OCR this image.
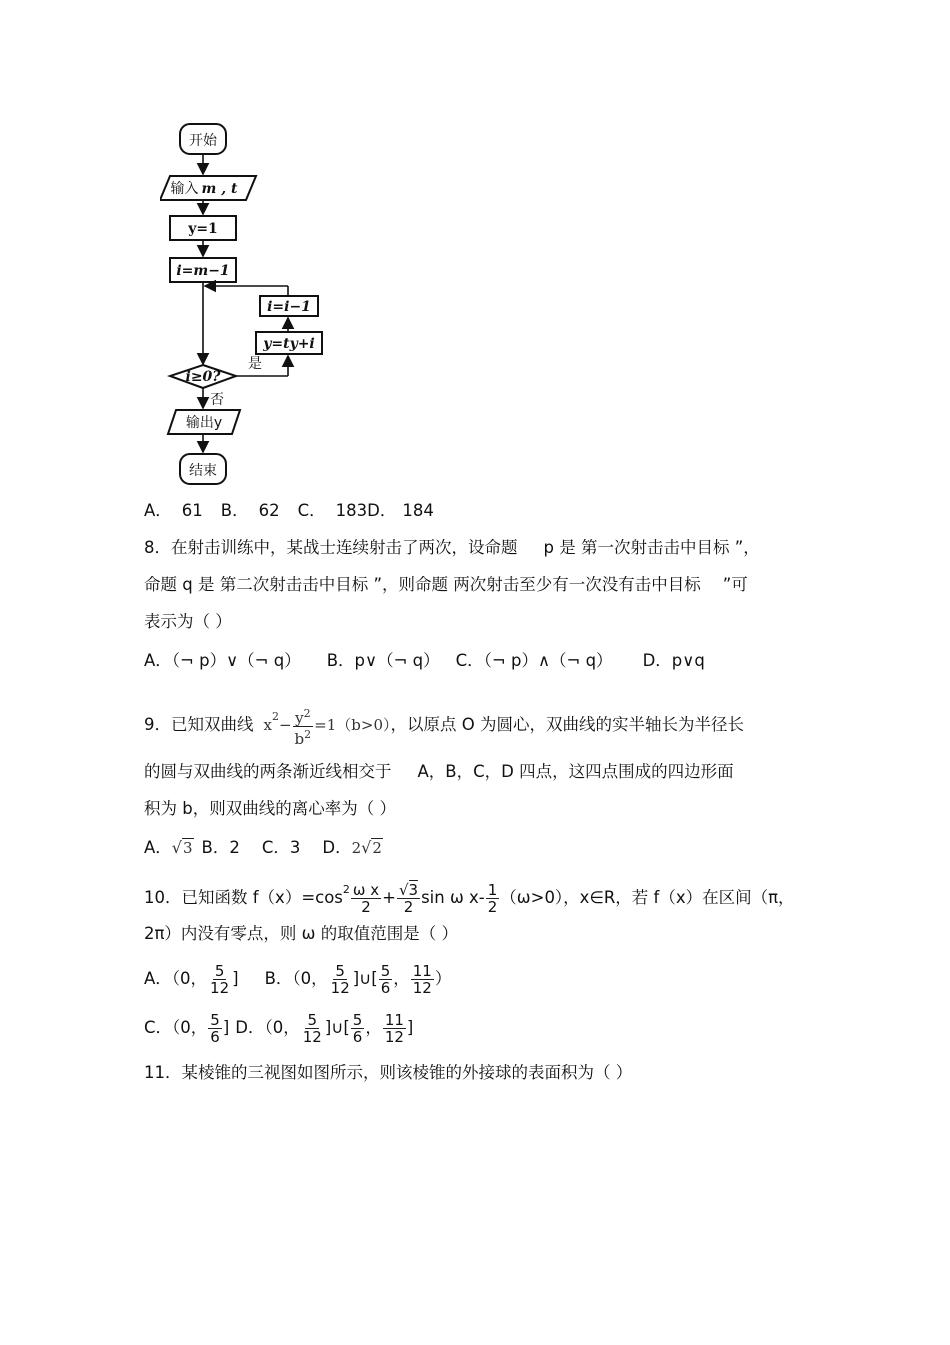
开始
输入 m , t
y=1
i=m−1
i≥0?
是
y=ty+i
i=i−1
否
输出y
结束
A． 61 B． 62 C． 183D． 184
8．在射击训练中，某战士连续射击了两次，设命题 p 是 第一次射击击中目标 ”，
命题 q 是 第二次射击击中目标 ”，则命题 两次射击至少有一次没有击中目标 ”可
表示为（ ）
A．（¬ p）∨（¬ q） B．p∨（¬ q） C．（¬ p）∧（¬ q） D．p∨q
9．已知双曲线 $x^2- \frac{y^2}{b^2} =1(b>0)$，以原点 O 为圆心，双曲线的实半轴长为半径长
的圆与双曲线的两条渐近线相交于 A，B，C，D 四点，这四点围成的四边形面
积为 b，则双曲线的离心率为（ ）
A．√3 B．2 C．3 D．2√2
10．已知函数 $f(x)=\cos^2 \frac{\text{ω x}}{2} + \frac{√3}{2}$ sin ω $x- \frac{1}{2} (\omega>0)$，x∈R，若 f（x）在区间（π，
2π）内没有零点，则 ω 的取值范围是（ ）
A．（0， $\frac{5}{12}$ ] B．（0， $\frac{5}{12}$ ]∪[ $\frac{5}{6}$ ， $\frac{11}{12}$ ）
C．（0， $\frac{5}{6}$ ] D．（0， $\frac{5}{12}$ ]∪[ $\frac{5}{6}$ ， $\frac{11}{12}$ ]
11．某棱锥的三视图如图所示，则该棱锥的外接球的表面积为（ ）
